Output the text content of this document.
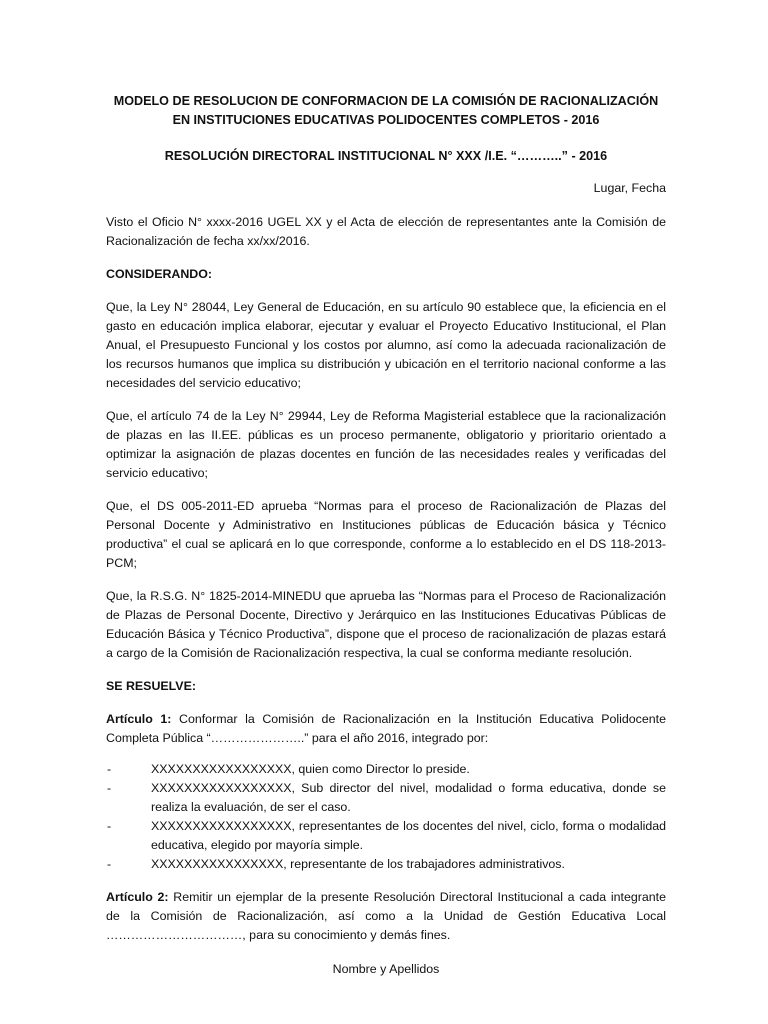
MODELO DE RESOLUCION DE CONFORMACION DE LA COMISIÓN DE RACIONALIZACIÓN
EN INSTITUCIONES EDUCATIVAS POLIDOCENTES COMPLETOS - 2016

RESOLUCIÓN DIRECTORAL INSTITUCIONAL N° XXX /I.E. “………..” - 2016

Lugar, Fecha

Visto el Oficio N° xxxx-2016 UGEL XX y el Acta de elección de representantes ante la Comisión de Racionalización de fecha xx/xx/2016.

CONSIDERANDO:

Que, la Ley N° 28044, Ley General de Educación, en su artículo 90 establece que, la eficiencia en el gasto en educación implica elaborar, ejecutar y evaluar el Proyecto Educativo Institucional, el Plan Anual, el Presupuesto Funcional y los costos por alumno, así como la adecuada racionalización de los recursos humanos que implica su distribución y ubicación en el territorio nacional conforme a las necesidades del servicio educativo;

Que, el artículo 74 de la Ley N° 29944, Ley de Reforma Magisterial establece que la racionalización de plazas en las II.EE. públicas es un proceso permanente, obligatorio y prioritario orientado a optimizar la asignación de plazas docentes en función de las necesidades reales y verificadas del servicio educativo;

Que, el DS 005-2011-ED aprueba “Normas para el proceso de Racionalización de Plazas del Personal Docente y Administrativo en Instituciones públicas de Educación básica y Técnico productiva” el cual se aplicará en lo que corresponde, conforme a lo establecido en el DS 118-2013-PCM;

Que, la R.S.G. N° 1825-2014-MINEDU que aprueba las “Normas para el Proceso de Racionalización de Plazas de Personal Docente, Directivo y Jerárquico en las Instituciones Educativas Públicas de Educación Básica y Técnico Productiva”, dispone que el proceso de racionalización de plazas estará a cargo de la Comisión de Racionalización respectiva, la cual se conforma mediante resolución.

SE RESUELVE:

Artículo 1: Conformar la Comisión de Racionalización en la Institución Educativa Polidocente Completa Pública “…………………..” para el año 2016, integrado por:

-	XXXXXXXXXXXXXXXXX, quien como Director lo preside.
-	XXXXXXXXXXXXXXXXX, Sub director del nivel, modalidad o forma educativa, donde se realiza la evaluación, de ser el caso.
-	XXXXXXXXXXXXXXXXX, representantes de los docentes del nivel, ciclo, forma o modalidad educativa, elegido por mayoría simple.
-	XXXXXXXXXXXXXXXX, representante de los trabajadores administrativos.

Artículo 2: Remitir un ejemplar de la presente Resolución Directoral Institucional a cada integrante de la Comisión de Racionalización, así como a la Unidad de Gestión Educativa Local ……………………………, para su conocimiento y demás fines.

Nombre y Apellidos
